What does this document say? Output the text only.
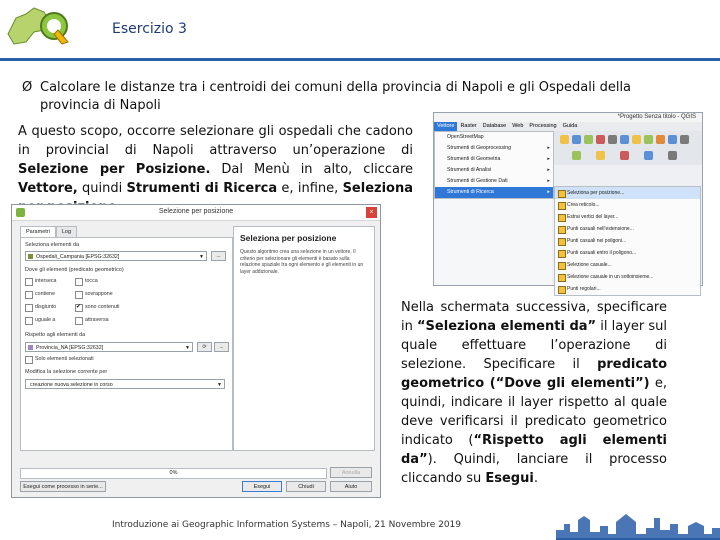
Esercizio 3
Ø Calcolare le distanze tra i centroidi dei comuni della provincia di Napoli e gli Ospedali della provincia di Napoli
A questo scopo, occorre selezionare gli ospedali che cadono in provincial di Napoli attraverso un’operazione di Selezione per Posizione. Dal Menù in alto, cliccare Vettore, quindi Strumenti di Ricerca e, infine, Seleziona
*Progetto Senza titolo - QGIS
Vettore	Raster	Database	Web	Processing	Guida
OpenStreetMap
Strumenti di Geoprocessing	▸
Strumenti di Geometria	▸
Strumenti di Analisi	▸
Strumenti di Gestione Dati	▸
Strumenti di Ricerca	▸	Seleziona per posizione...
Crea reticolo...
Estrai vertici del layer...
Punti casuali nell'estensione...
Punti casuali nei poligoni...
Punti casuali entro il poligono...
Selezione casuale...
Selezione casuale in un sottoinsieme...
Punti regolari...
Selezione per posizione	×
Parametri	Log
Seleziona elementi da
Ospedali_Campania [EPSG:32632]	▼	...
Dove gli elementi (predicato geometrico)
interseca	tocca
contiene	sovrappone
disgiunto
✔	sono contenuti
uguale a	attraversa
Rispetto agli elementi da
Provincia_NA [EPSG:32632]	▼	⟳	...
Solo elementi selezionati
Modifica la selezione corrente per
creazione nuova selezione in corso	▼
Seleziona per posizione
Questo algoritmo crea una selezione in un vettore. Il criterio per selezionare gli elementi è basato sulla relazione spaziale tra ogni elemento e gli elementi in un layer addizionale.
0%	Annulla
Esegui come processo in serie...	Esegui	Chiudi	Aiuto
Nella schermata successiva, specificare in “Seleziona elementi da” il layer sul quale effettuare l’operazione di selezione. Specificare il predicato geometrico (“Dove gli elementi”) e, quindi, indicare il layer rispetto al quale deve verificarsi il predicato geometrico indicato (“Rispetto agli elementi da”). Quindi, lanciare il processo cliccando su Esegui.
Introduzione ai Geographic Information Systems – Napoli, 21 Novembre 2019
